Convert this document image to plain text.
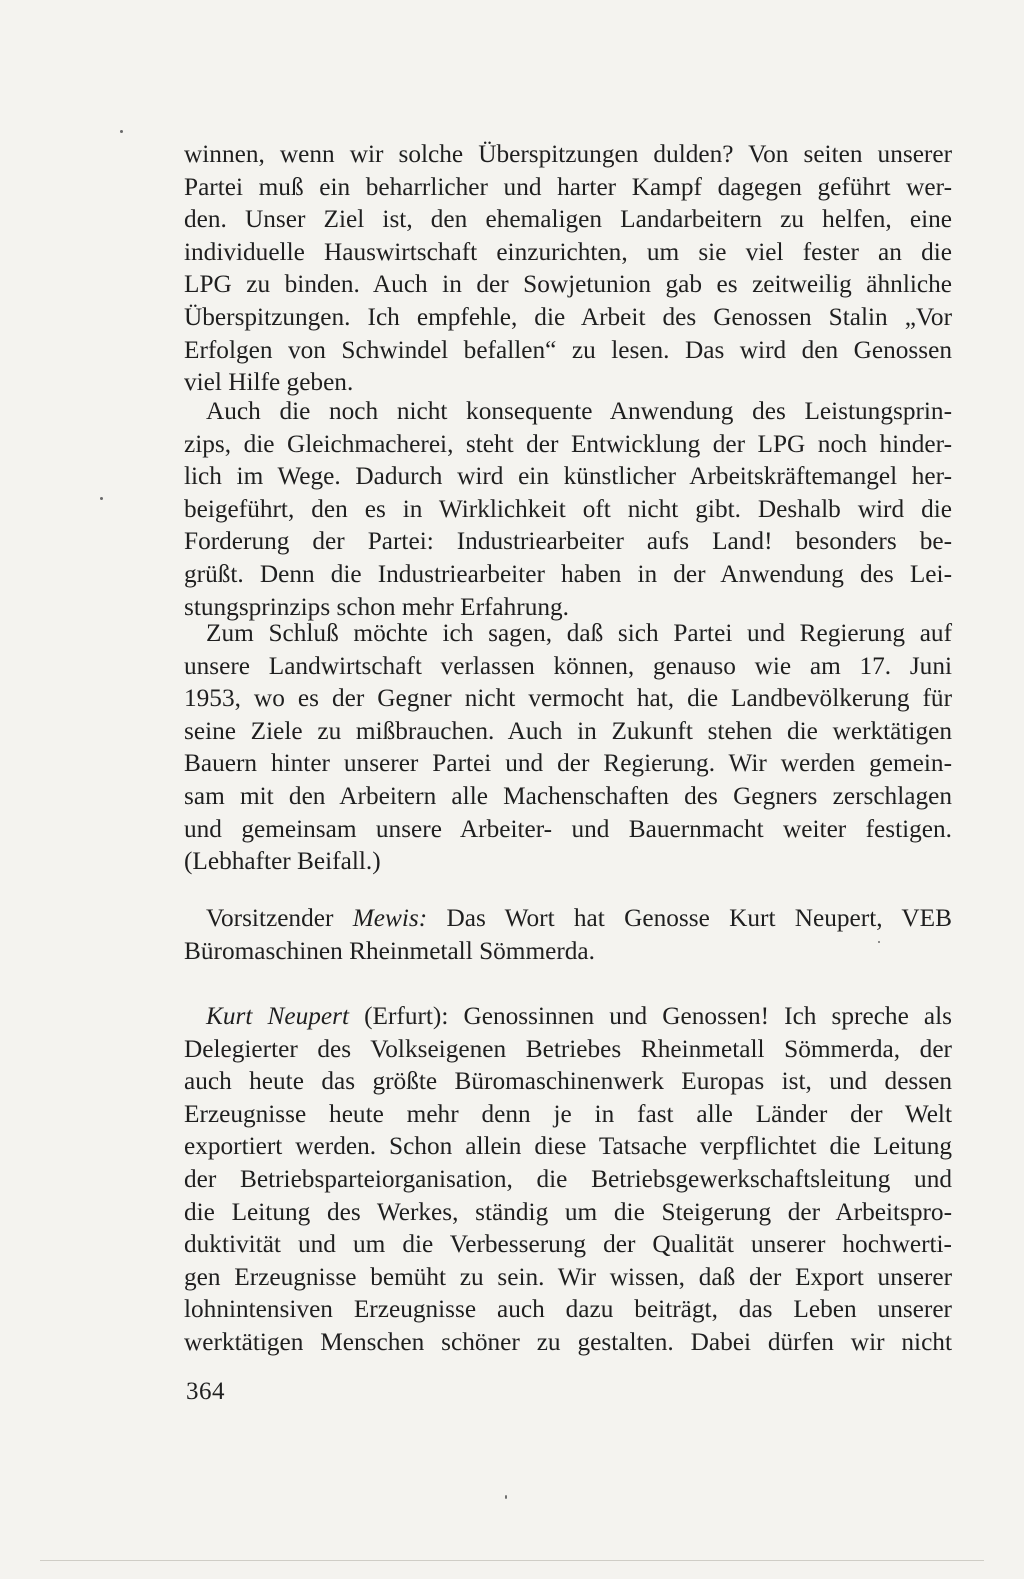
winnen, wenn wir solche Überspitzungen dulden? Von seiten unserer
Partei muß ein beharrlicher und harter Kampf dagegen geführt wer-
den. Unser Ziel ist, den ehemaligen Landarbeitern zu helfen, eine
individuelle Hauswirtschaft einzurichten, um sie viel fester an die
LPG zu binden. Auch in der Sowjetunion gab es zeitweilig ähnliche
Überspitzungen. Ich empfehle, die Arbeit des Genossen Stalin „Vor
Erfolgen von Schwindel befallen“ zu lesen. Das wird den Genossen
viel Hilfe geben.
Auch die noch nicht konsequente Anwendung des Leistungsprin-
zips, die Gleichmacherei, steht der Entwicklung der LPG noch hinder-
lich im Wege. Dadurch wird ein künstlicher Arbeitskräftemangel her-
beigeführt, den es in Wirklichkeit oft nicht gibt. Deshalb wird die
Forderung der Partei: Industriearbeiter aufs Land! besonders be-
grüßt. Denn die Industriearbeiter haben in der Anwendung des Lei-
stungsprinzips schon mehr Erfahrung.
Zum Schluß möchte ich sagen, daß sich Partei und Regierung auf
unsere Landwirtschaft verlassen können, genauso wie am 17. Juni
1953, wo es der Gegner nicht vermocht hat, die Landbevölkerung für
seine Ziele zu mißbrauchen. Auch in Zukunft stehen die werktätigen
Bauern hinter unserer Partei und der Regierung. Wir werden gemein-
sam mit den Arbeitern alle Machenschaften des Gegners zerschlagen
und gemeinsam unsere Arbeiter- und Bauernmacht weiter festigen.
(Lebhafter Beifall.)
Vorsitzender Mewis: Das Wort hat Genosse Kurt Neupert, VEB
Büromaschinen Rheinmetall Sömmerda.
Kurt Neupert (Erfurt): Genossinnen und Genossen! Ich spreche als
Delegierter des Volkseigenen Betriebes Rheinmetall Sömmerda, der
auch heute das größte Büromaschinenwerk Europas ist, und dessen
Erzeugnisse heute mehr denn je in fast alle Länder der Welt
exportiert werden. Schon allein diese Tatsache verpflichtet die Leitung
der Betriebsparteiorganisation, die Betriebsgewerkschaftsleitung und
die Leitung des Werkes, ständig um die Steigerung der Arbeitspro-
duktivität und um die Verbesserung der Qualität unserer hochwerti-
gen Erzeugnisse bemüht zu sein. Wir wissen, daß der Export unserer
lohnintensiven Erzeugnisse auch dazu beiträgt, das Leben unserer
werktätigen Menschen schöner zu gestalten. Dabei dürfen wir nicht
364
